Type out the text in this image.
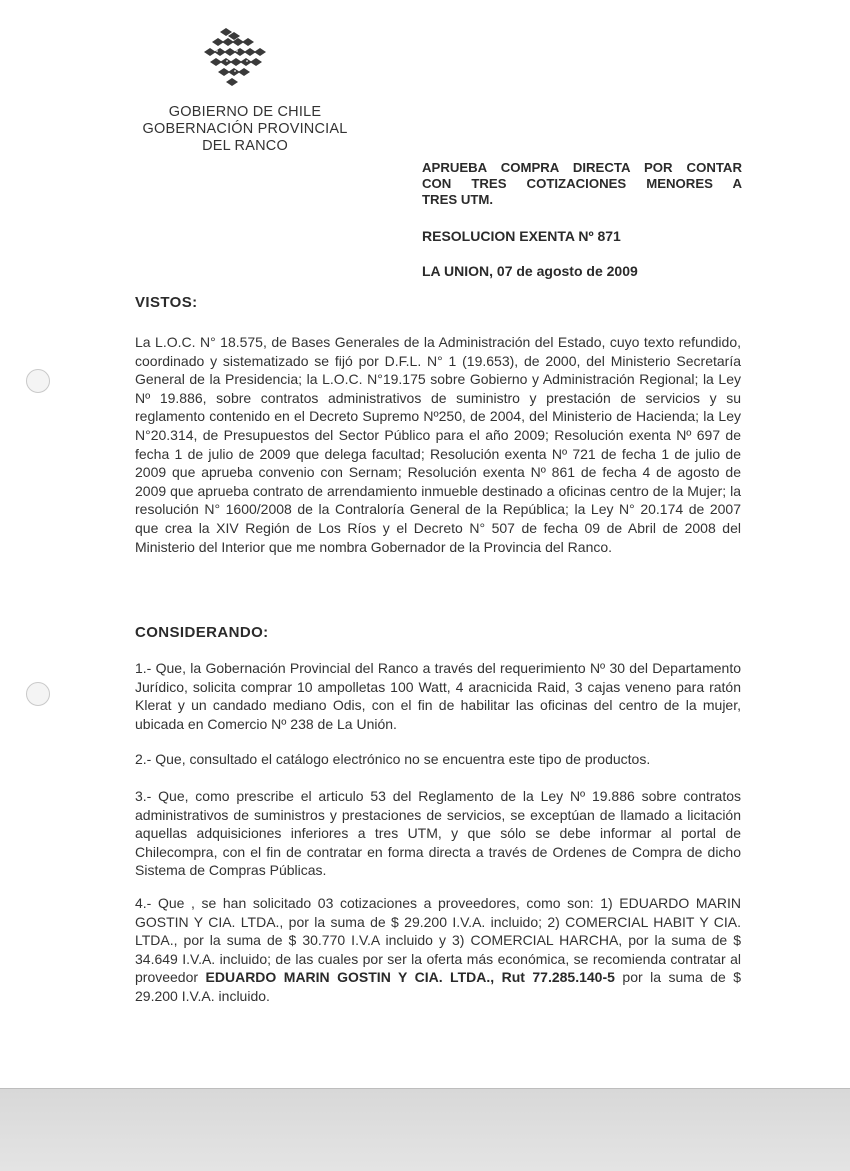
GOBIERNO DE CHILE
GOBERNACIÓN PROVINCIAL
DEL RANCO
APRUEBA COMPRA DIRECTA POR CONTAR
CON TRES COTIZACIONES MENORES A
TRES UTM.
RESOLUCION EXENTA Nº 871
LA UNION, 07 de agosto de 2009
VISTOS:
La L.O.C. N° 18.575, de Bases Generales de la Administración del Estado, cuyo texto refundido, coordinado y sistematizado se fijó por D.F.L. N° 1 (19.653), de 2000, del Ministerio Secretaría General de la Presidencia; la L.O.C. N°19.175 sobre Gobierno y Administración Regional; la Ley Nº 19.886, sobre contratos administrativos de suministro y prestación de servicios y su reglamento contenido en el Decreto Supremo Nº250, de 2004, del Ministerio de Hacienda; la Ley N°20.314, de Presupuestos del Sector Público para el año 2009; Resolución exenta Nº 697 de fecha 1 de julio de 2009 que delega facultad; Resolución exenta Nº 721 de fecha 1 de julio de 2009 que aprueba convenio con Sernam; Resolución exenta Nº 861 de fecha 4 de agosto de 2009 que aprueba contrato de arrendamiento inmueble destinado a oficinas centro de la Mujer; la resolución N° 1600/2008 de la Contraloría General de la República; la Ley N° 20.174 de 2007 que crea la XIV Región de Los Ríos y el Decreto N° 507 de fecha 09 de Abril de 2008 del Ministerio del Interior que me nombra Gobernador de la Provincia del Ranco.
CONSIDERANDO:
1.- Que, la Gobernación Provincial del Ranco a través del requerimiento Nº 30 del Departamento Jurídico, solicita comprar 10 ampolletas 100 Watt, 4 aracnicida Raid, 3 cajas veneno para ratón Klerat y un candado mediano Odis, con el fin de habilitar las oficinas del centro de la mujer, ubicada en Comercio Nº 238 de La Unión.
2.- Que, consultado el catálogo electrónico no se encuentra este tipo de productos.
3.- Que, como prescribe el articulo 53 del Reglamento de la Ley Nº 19.886 sobre contratos administrativos de suministros y prestaciones de servicios, se exceptúan de llamado a licitación aquellas adquisiciones inferiores a tres UTM, y que sólo se debe informar al portal de Chilecompra, con el fin de contratar en forma directa a través de Ordenes de Compra de dicho Sistema de Compras Públicas.
4.- Que , se han solicitado 03 cotizaciones a proveedores, como son: 1) EDUARDO MARIN GOSTIN Y CIA. LTDA., por la suma de $ 29.200 I.V.A. incluido; 2) COMERCIAL HABIT Y CIA. LTDA., por la suma de $ 30.770 I.V.A incluido y 3) COMERCIAL HARCHA, por la suma de $ 34.649 I.V.A. incluido; de las cuales por ser la oferta más económica, se recomienda contratar al proveedor EDUARDO MARIN GOSTIN Y CIA. LTDA., Rut 77.285.140-5 por la suma de $ 29.200 I.V.A. incluido.
